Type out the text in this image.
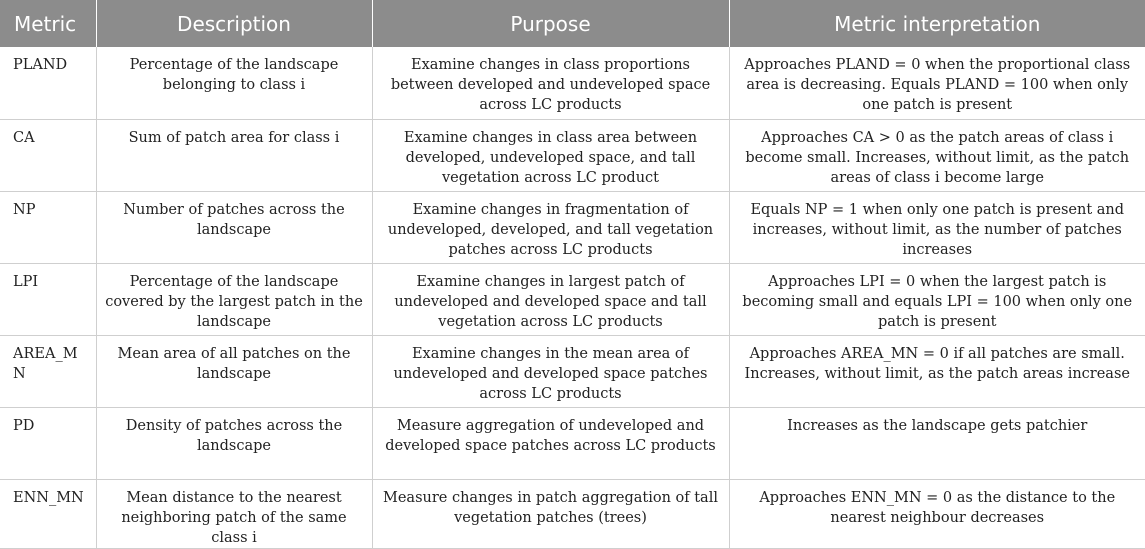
Metric	Description	Purpose	Metric interpretation
PLAND	Percentage of the landscape belonging to class i	Examine changes in class proportions between developed and undeveloped space across LC products	Approaches PLAND = 0 when the proportional class area is decreasing. Equals PLAND = 100 when only one patch is present
CA	Sum of patch area for class i	Examine changes in class area between developed, undeveloped space, and tall vegetation across LC product	Approaches CA > 0 as the patch areas of class i become small. Increases, without limit, as the patch areas of class i become large
NP	Number of patches across the landscape	Examine changes in fragmentation of undeveloped, developed, and tall vegetation patches across LC products	Equals NP = 1 when only one patch is present and increases, without limit, as the number of patches increases
LPI	Percentage of the landscape covered by the largest patch in the landscape	Examine changes in largest patch of undeveloped and developed space and tall vegetation across LC products	Approaches LPI = 0 when the largest patch is becoming small and equals LPI = 100 when only one patch is present
AREA_MN	Mean area of all patches on the landscape	Examine changes in the mean area of undeveloped and developed space patches across LC products	Approaches AREA_MN = 0 if all patches are small. Increases, without limit, as the patch areas increase
PD	Density of patches across the landscape	Measure aggregation of undeveloped and developed space patches across LC products	Increases as the landscape gets patchier
ENN_MN	Mean distance to the nearest neighboring patch of the same class i	Measure changes in patch aggregation of tall vegetation patches (trees)	Approaches ENN_MN = 0 as the distance to the nearest neighbour decreases
